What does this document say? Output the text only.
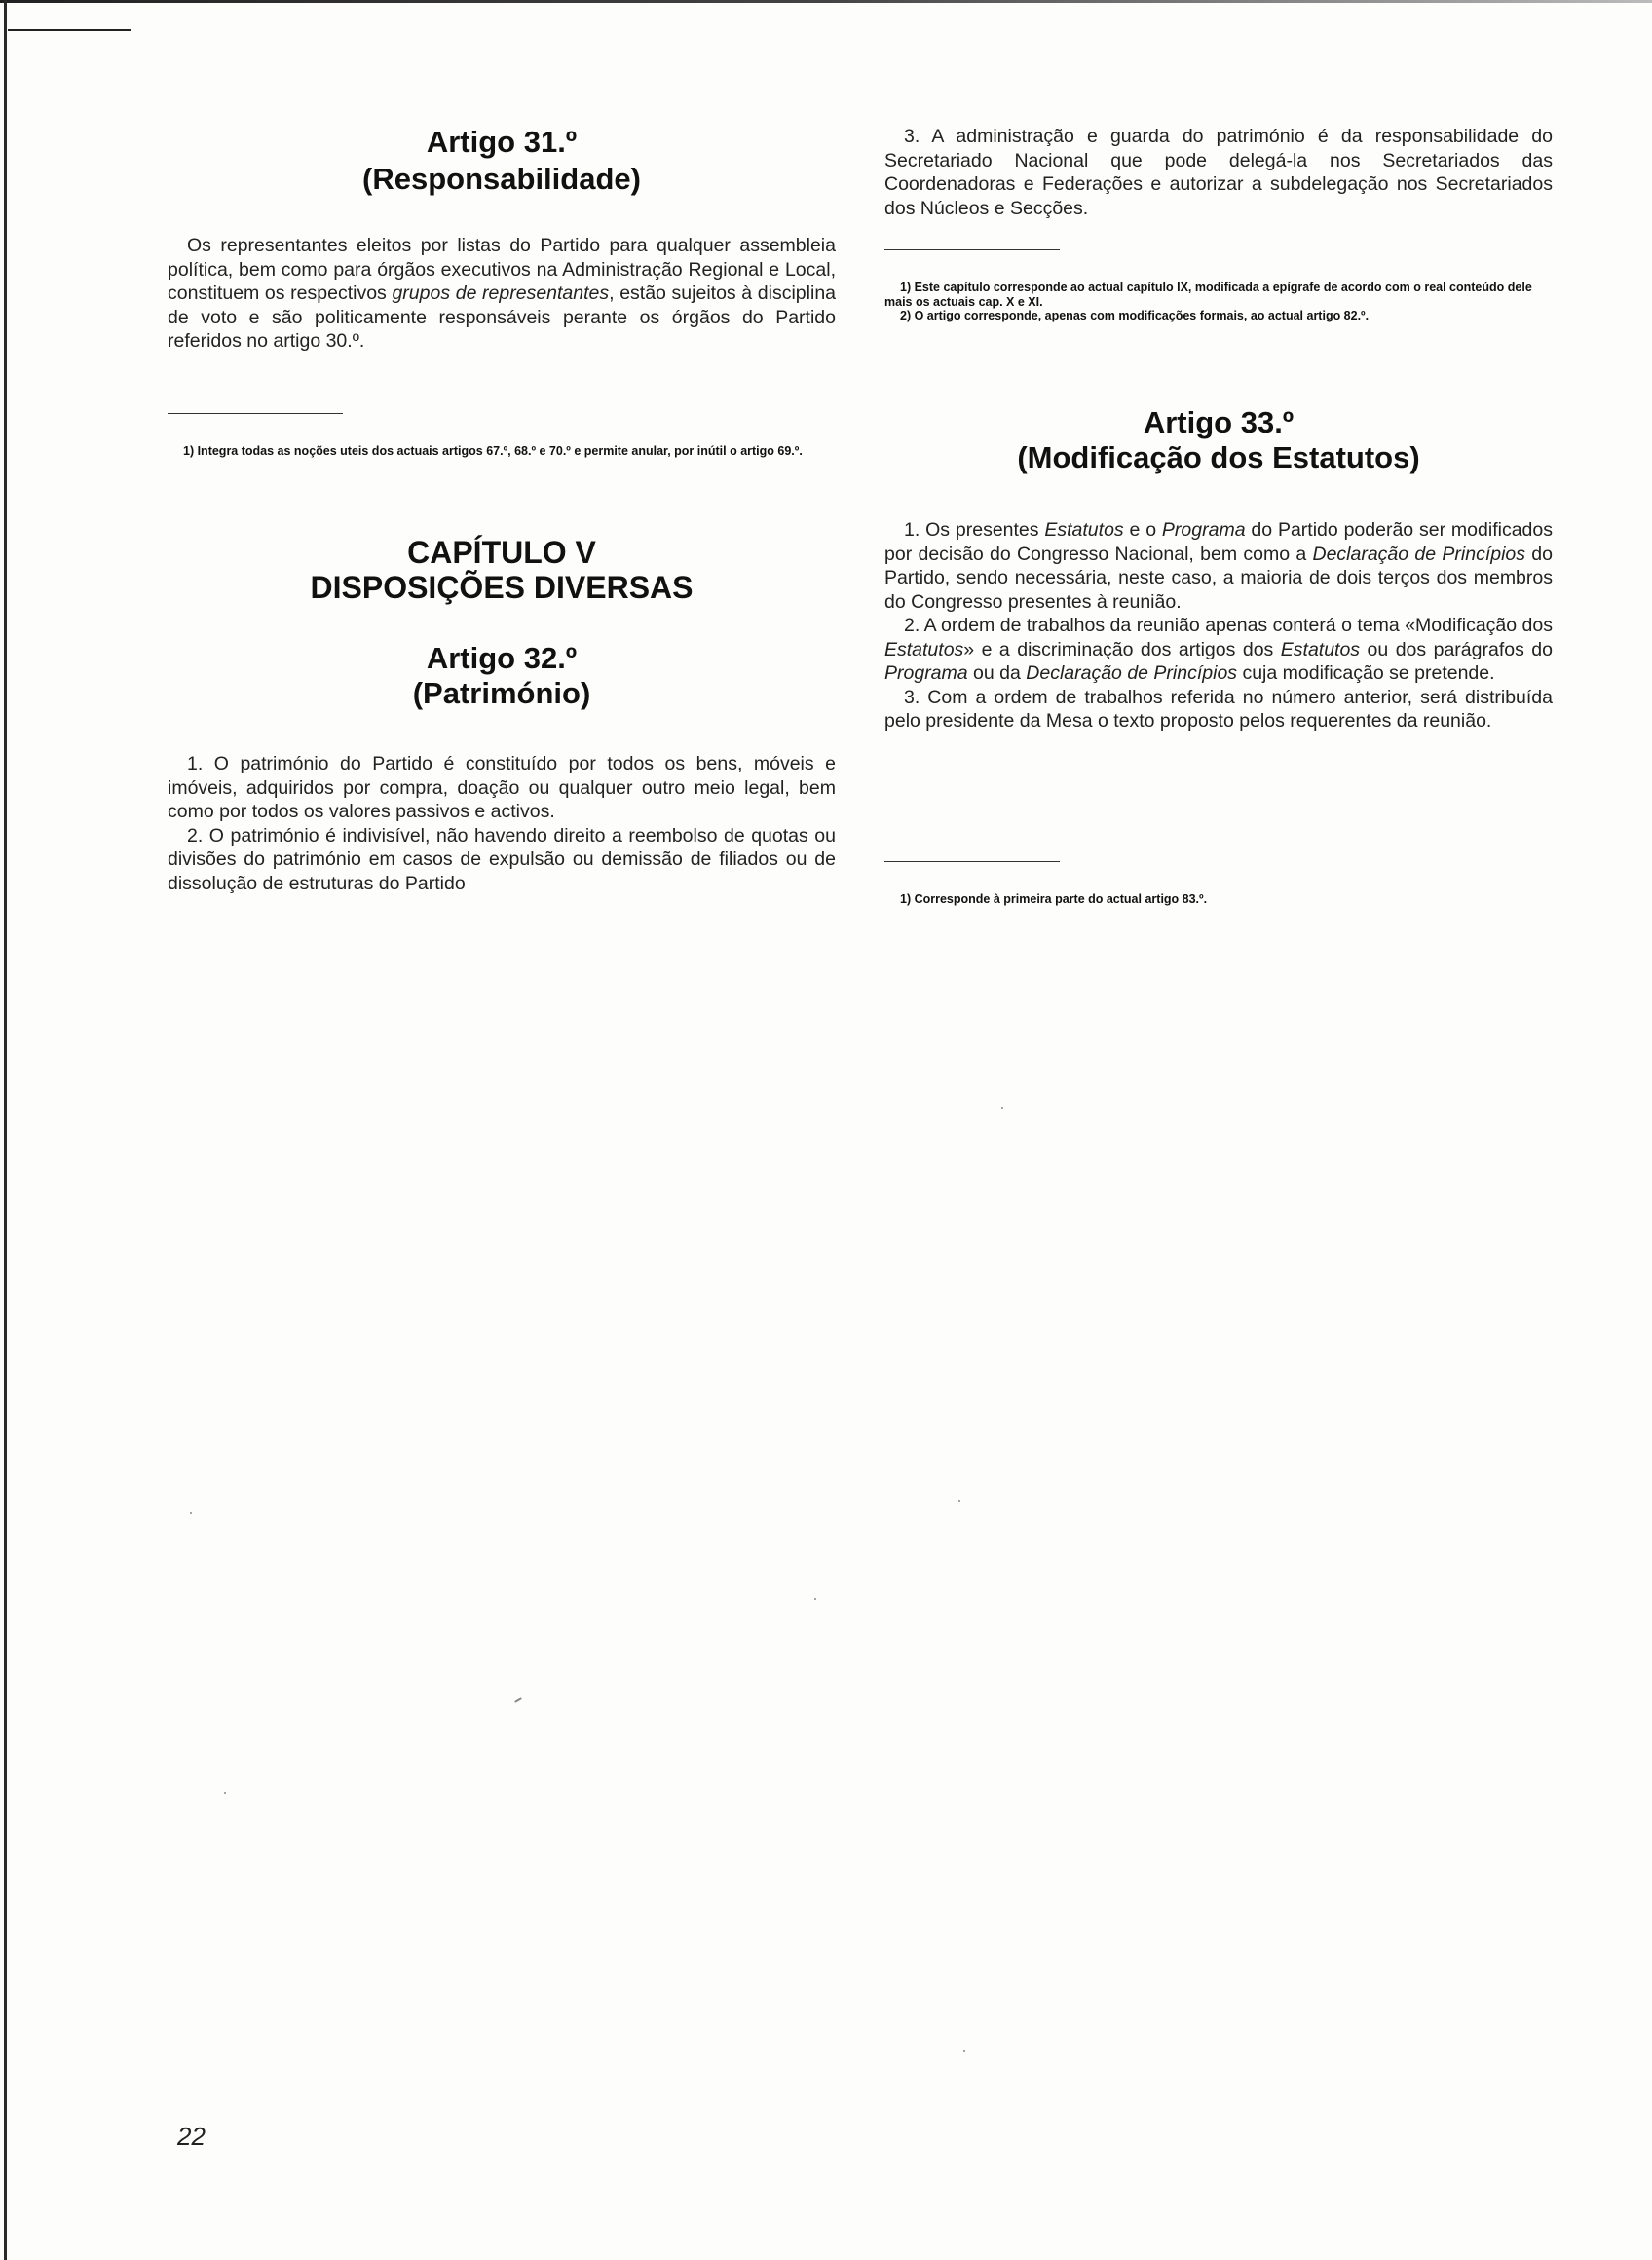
Artigo 31.º
(Responsabilidade)

Os representantes eleitos por listas do Partido para qualquer assembleia política, bem como para órgãos executivos na Administração Regional e Local, constituem os respectivos grupos de representantes, estão sujeitos à disciplina de voto e são politicamente responsáveis perante os órgãos do Partido referidos no artigo 30.º.

1) Integra todas as noções uteis dos actuais artigos 67.º, 68.º e 70.º e permite anular, por inútil o artigo 69.º.

CAPÍTULO V
DISPOSIÇÕES DIVERSAS
Artigo 32.º
(Património)

1. O património do Partido é constituído por todos os bens, móveis e imóveis, adquiridos por compra, doação ou qualquer outro meio legal, bem como por todos os valores passivos e activos.

2. O património é indivisível, não havendo direito a reembolso de quotas ou divisões do património em casos de expulsão ou demissão de filiados ou de dissolução de estruturas do Partido

3. A administração e guarda do património é da responsabilidade do Secretariado Nacional que pode delegá-la nos Secretariados das Coordenadoras e Federações e autorizar a subdelegação nos Secretariados dos Núcleos e Secções.

1) Este capítulo corresponde ao actual capítulo IX, modificada a epígrafe de acordo com o real conteúdo dele mais os actuais cap. X e XI.

2) O artigo corresponde, apenas com modificações formais, ao actual artigo 82.º.

Artigo 33.º
(Modificação dos Estatutos)

1. Os presentes Estatutos e o Programa do Partido poderão ser modificados por decisão do Congresso Nacional, bem como a Declaração de Princípios do Partido, sendo necessária, neste caso, a maioria de dois terços dos membros do Congresso presentes à reunião.

2. A ordem de trabalhos da reunião apenas conterá o tema «Modificação dos Estatutos» e a discriminação dos artigos dos Estatutos ou dos parágrafos do Programa ou da Declaração de Princípios cuja modificação se pretende.

3. Com a ordem de trabalhos referida no número anterior, será distribuída pelo presidente da Mesa o texto proposto pelos requerentes da reunião.

1) Corresponde à primeira parte do actual artigo 83.º.

22
